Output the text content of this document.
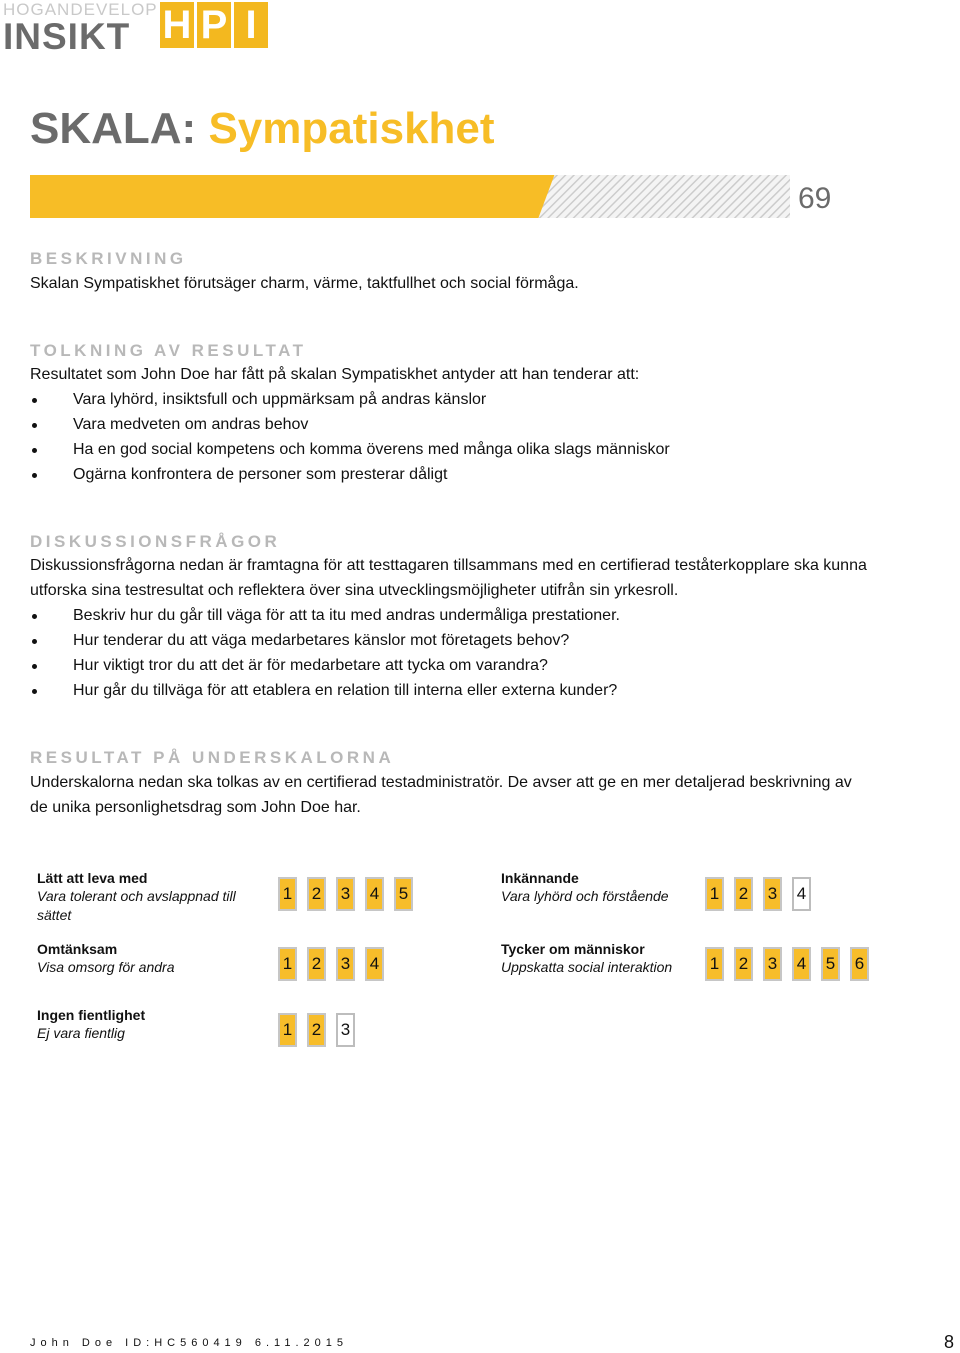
HOGANDEVELOP
INSIKT H P I
SKALA: Sympatiskhet
69
BESKRIVNING
Skalan Sympatiskhet förutsäger charm, värme, taktfullhet och social förmåga.
TOLKNING AV RESULTAT
Resultatet som John Doe har fått på skalan Sympatiskhet antyder att han tenderar att:
Vara lyhörd, insiktsfull och uppmärksam på andras känslor
Vara medveten om andras behov
Ha en god social kompetens och komma överens med många olika slags människor
Ogärna konfrontera de personer som presterar dåligt
DISKUSSIONSFRÅGOR
Diskussionsfrågorna nedan är framtagna för att testtagaren tillsammans med en certifierad teståterkopplare ska kunna
utforska sina testresultat och reflektera över sina utvecklingsmöjligheter utifrån sin yrkesroll.
Beskriv hur du går till väga för att ta itu med andras undermåliga prestationer.
Hur tenderar du att väga medarbetares känslor mot företagets behov?
Hur viktigt tror du att det är för medarbetare att tycka om varandra?
Hur går du tillväga för att etablera en relation till interna eller externa kunder?
RESULTAT PÅ UNDERSKALORNA
Underskalorna nedan ska tolkas av en certifierad testadministratör. De avser att ge en mer detaljerad beskrivning av
de unika personlighetsdrag som John Doe har.
Lätt att leva med
Vara tolerant och avslappnad till sättet
1 2 3 4 5
Inkännande
Vara lyhörd och förstående	1 2 3 4
Omtänksam
Visa omsorg för andra	1 2 3 4
Tycker om människor
Uppskatta social interaktion	1 2 3 4 5 6
Ingen fientlighet
Ej vara fientlig	1 2 3
John Doe ID:HC560419 6.11.2015	8
